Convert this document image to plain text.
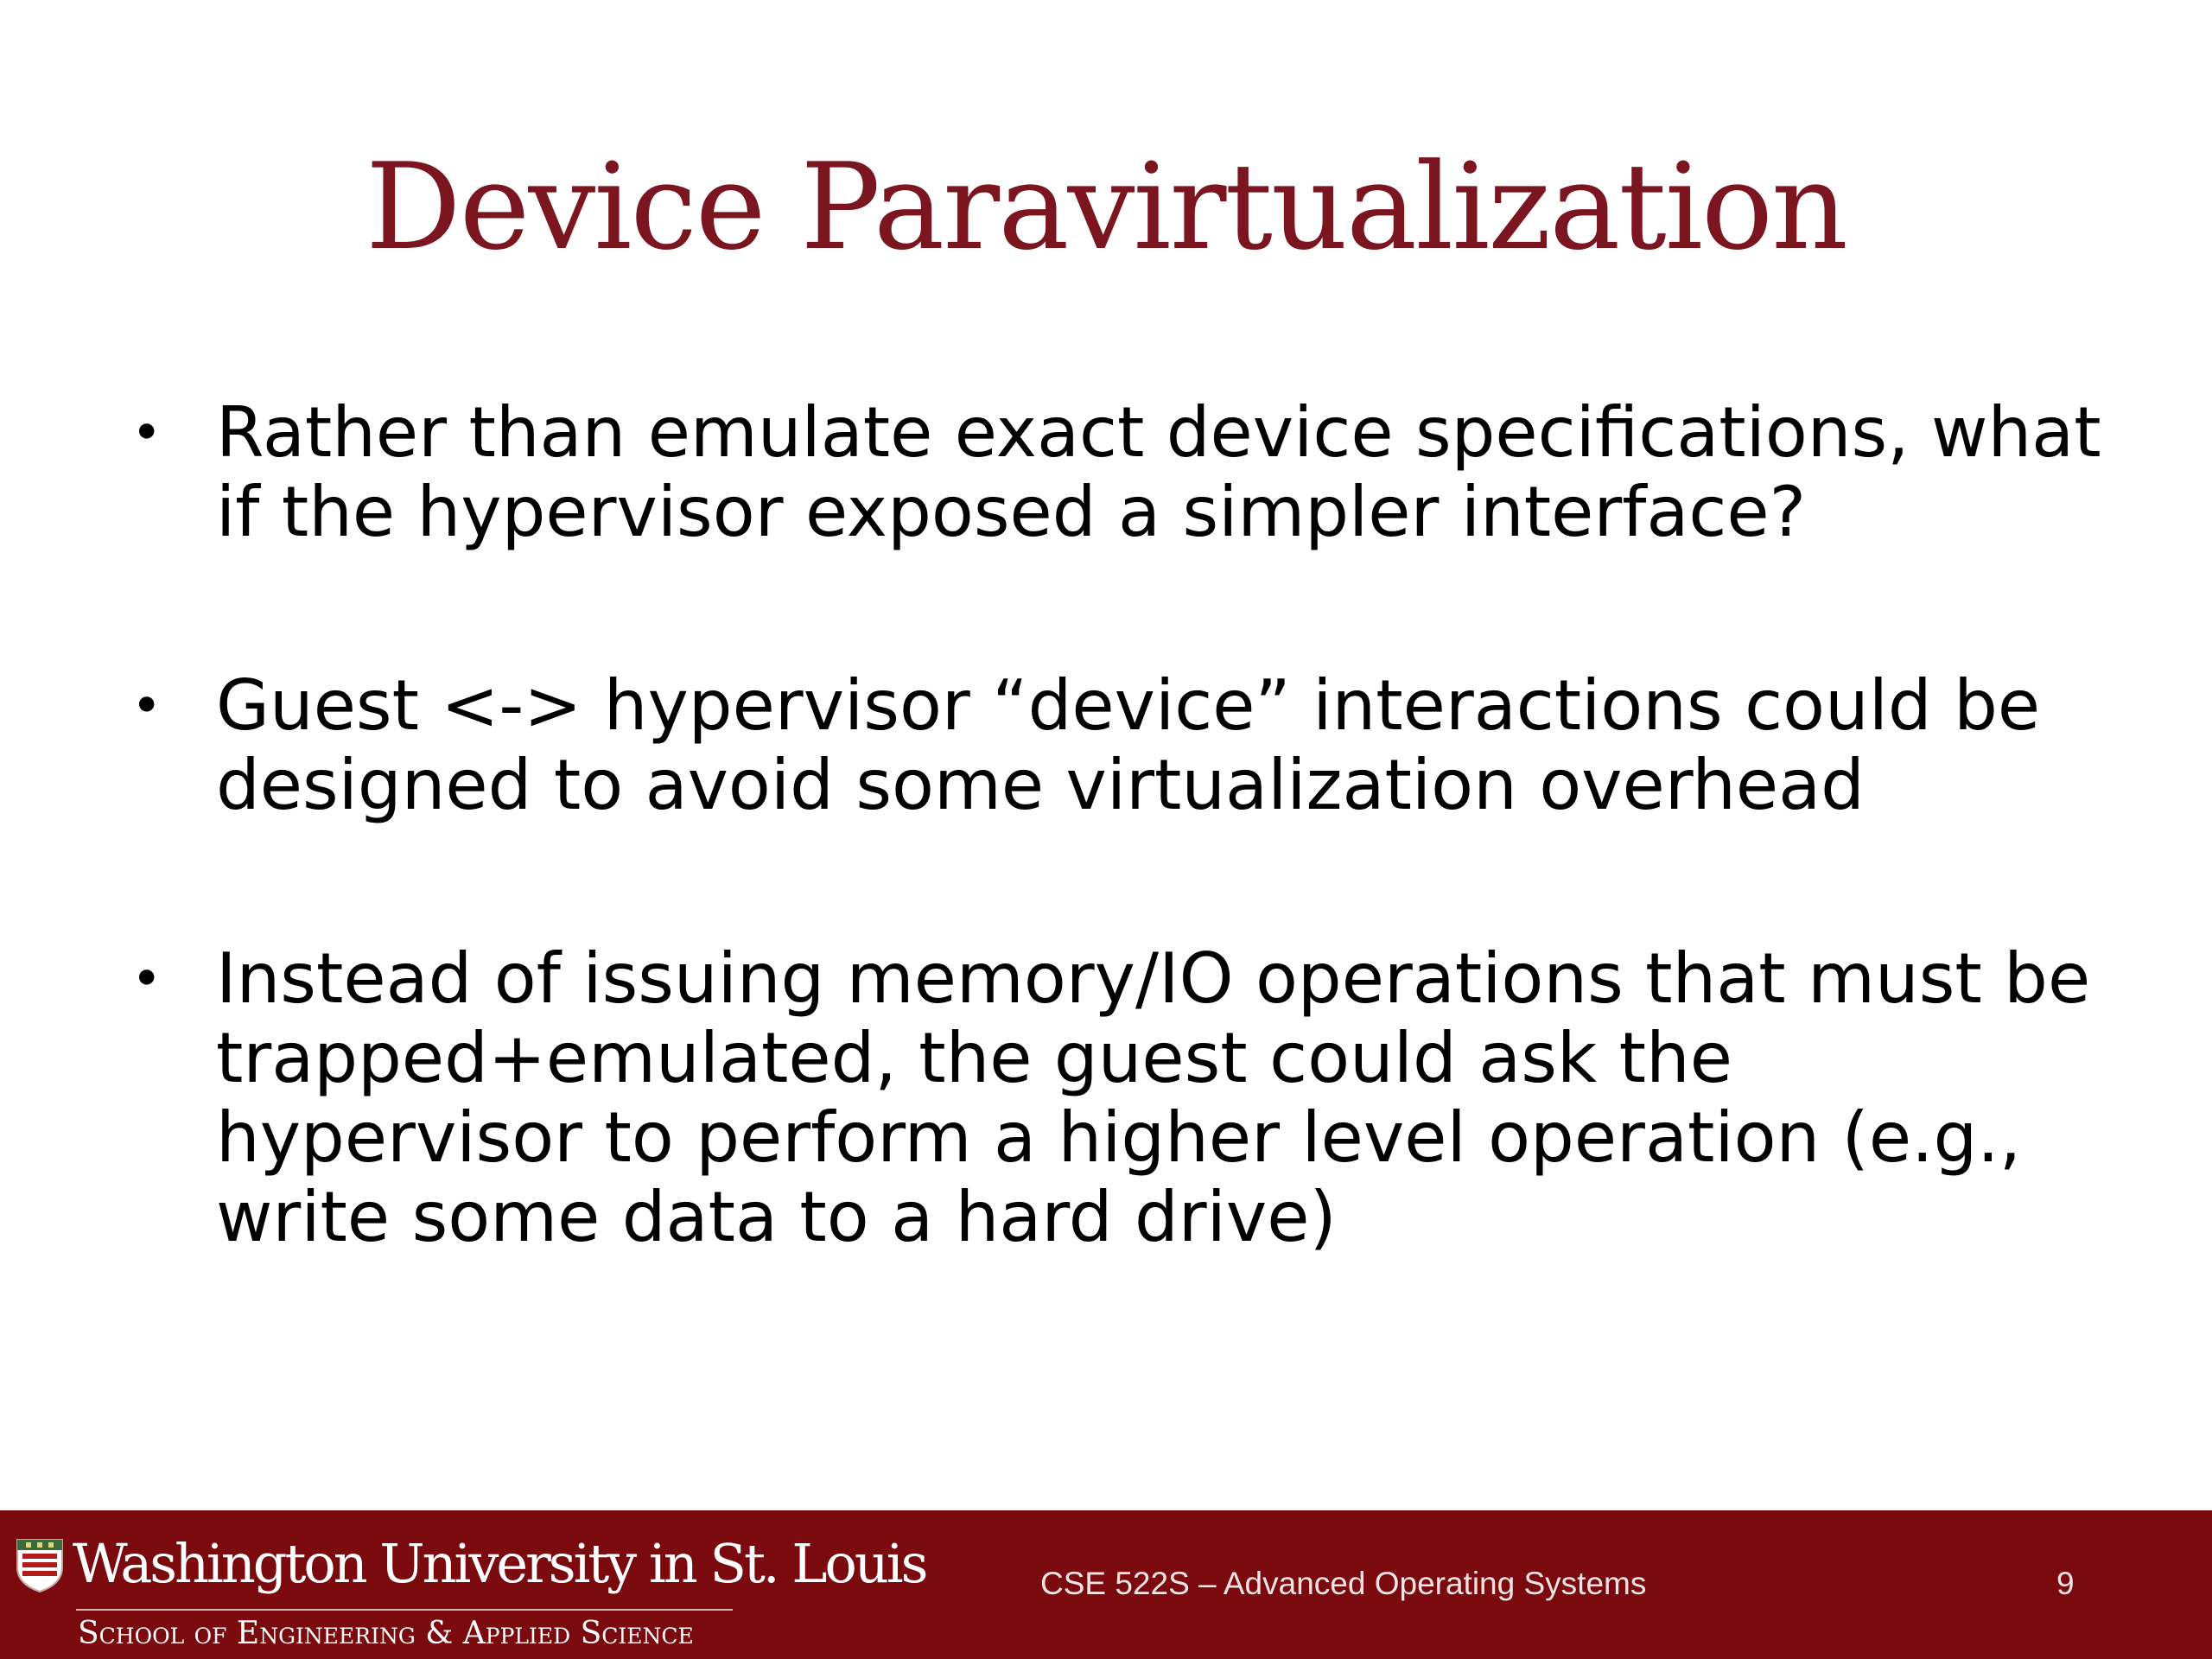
Device Paravirtualization
• Rather than emulate exact device specifications, what if the hypervisor exposed a simpler interface?
• Guest <-> hypervisor “device” interactions could be designed to avoid some virtualization overhead
• Instead of issuing memory/IO operations that must be trapped+emulated, the guest could ask the hypervisor to perform a higher level operation (e.g., write some data to a hard drive)
Washington University in St. Louis
School of Engineering & Applied Science
CSE 522S – Advanced Operating Systems	9
